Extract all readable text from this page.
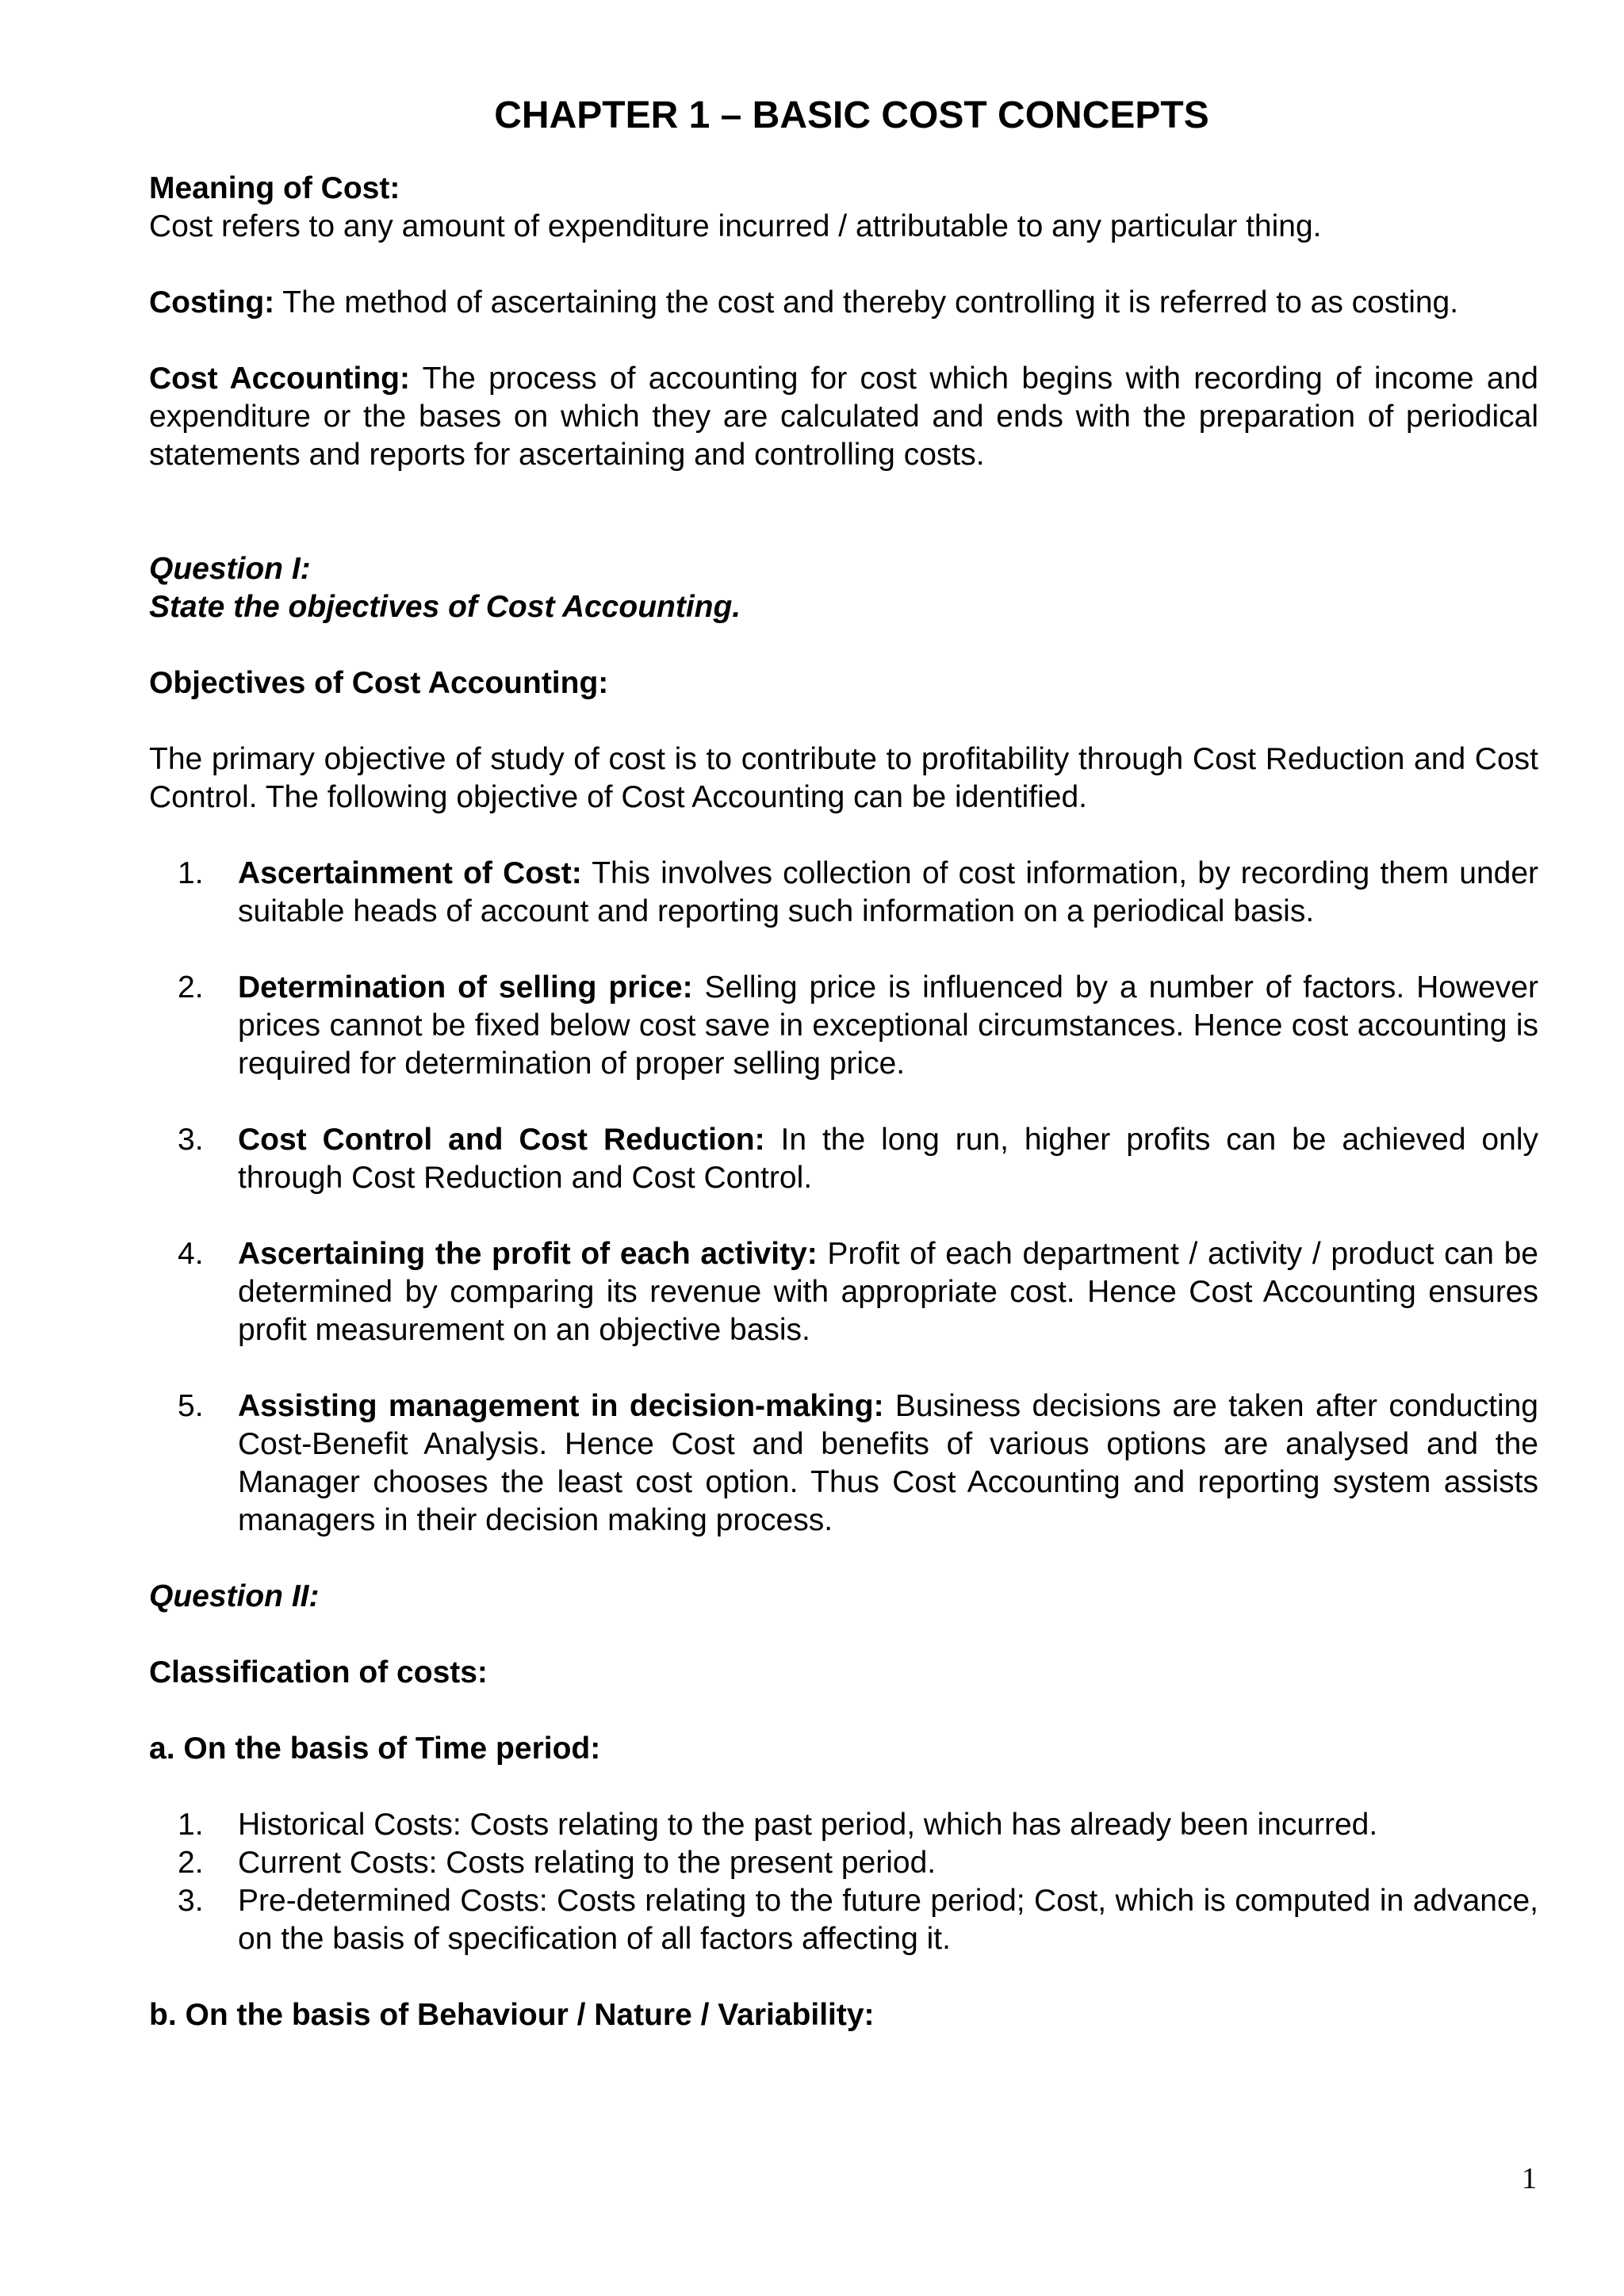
CHAPTER 1 – BASIC COST CONCEPTS

Meaning of Cost:

Cost refers to any amount of expenditure incurred / attributable to any particular thing.

Costing: The method of ascertaining the cost and thereby controlling it is referred to as costing.

Cost Accounting: The process of accounting for cost which begins with recording of income and expenditure or the bases on which they are calculated and ends with the preparation of periodical statements and reports for ascertaining and controlling costs.

Question I:

State the objectives of Cost Accounting.

Objectives of Cost Accounting:

The primary objective of study of cost is to contribute to profitability through Cost Reduction and Cost Control. The following objective of Cost Accounting can be identified.

1. Ascertainment of Cost: This involves collection of cost information, by recording them under suitable heads of account and reporting such information on a periodical basis.
2. Determination of selling price: Selling price is influenced by a number of factors. However prices cannot be fixed below cost save in exceptional circumstances. Hence cost accounting is required for determination of proper selling price.
3. Cost Control and Cost Reduction: In the long run, higher profits can be achieved only through Cost Reduction and Cost Control.
4. Ascertaining the profit of each activity: Profit of each department / activity / product can be determined by comparing its revenue with appropriate cost. Hence Cost Accounting ensures profit measurement on an objective basis.
5. Assisting management in decision-making: Business decisions are taken after conducting Cost-Benefit Analysis. Hence Cost and benefits of various options are analysed and the Manager chooses the least cost option. Thus Cost Accounting and reporting system assists managers in their decision making process.

Question II:

Classification of costs:

a. On the basis of Time period:

1. Historical Costs: Costs relating to the past period, which has already been incurred.
2. Current Costs: Costs relating to the present period.
3. Pre-determined Costs: Costs relating to the future period; Cost, which is computed in advance, on the basis of specification of all factors affecting it.

b. On the basis of Behaviour / Nature / Variability:

1
